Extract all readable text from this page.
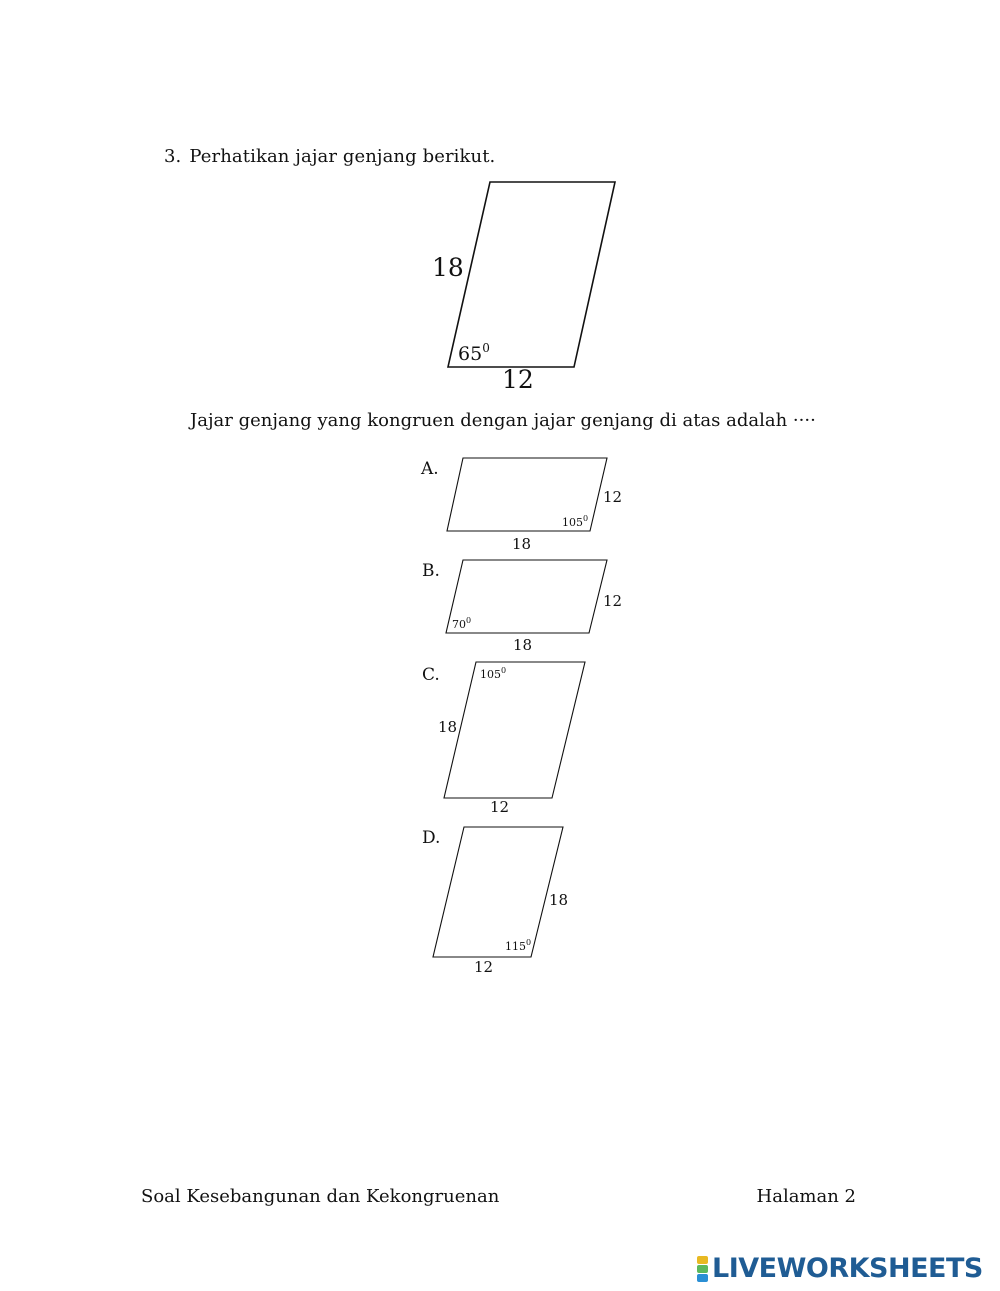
3. Perhatikan jajar genjang berikut.
18
12
$65^0$
A.
12
18
$105^0$
B.
12
18
$70^0$
C.
18
12
$105^0$
D.
18
12
$115^0$
Jajar genjang yang kongruen dengan jajar genjang di atas adalah ····
Soal Kesebangunan dan Kekongruenan	Halaman 2
LIVEWORKSHEETS
